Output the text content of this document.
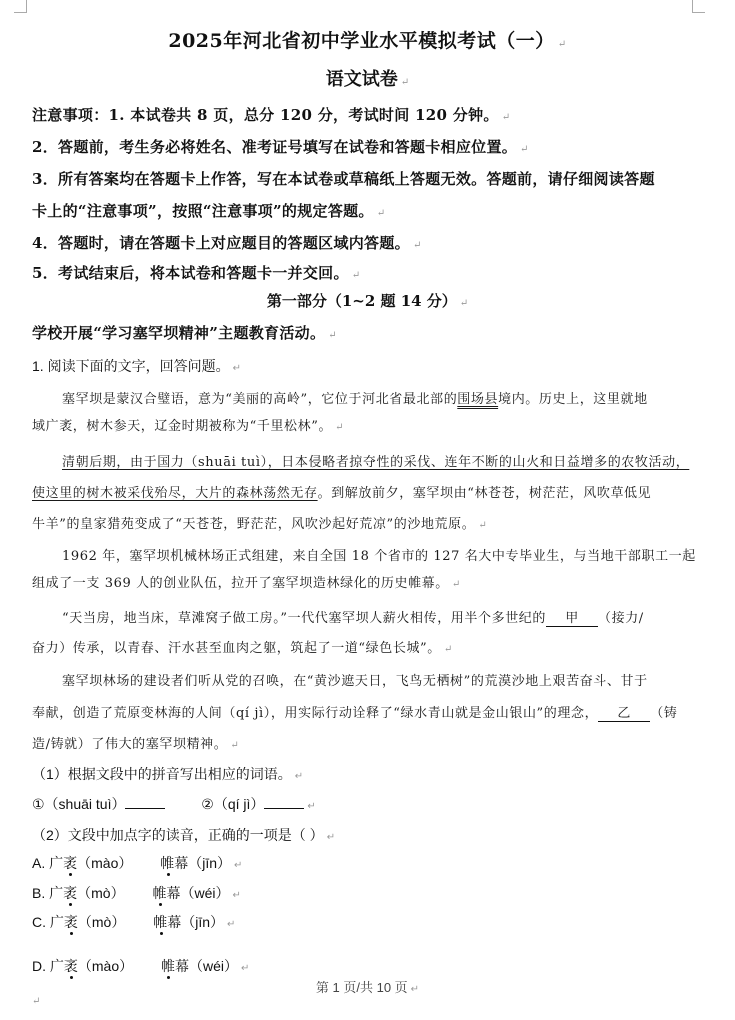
2025年河北省初中学业水平模拟考试（一） ↵
语文试卷 ↵
注意事项：1. 本试卷共 8 页，总分 120 分，考试时间 120 分钟。 ↵
2．答题前，考生务必将姓名、准考证号填写在试卷和答题卡相应位置。 ↵
3．所有答案均在答题卡上作答，写在本试卷或草稿纸上答题无效。答题前，请仔细阅读答题
卡上的“注意事项”，按照“注意事项”的规定答题。 ↵
4．答题时，请在答题卡上对应题目的答题区域内答题。 ↵
5．考试结束后，将本试卷和答题卡一并交回。 ↵
第一部分（1~2 题 14 分） ↵
学校开展“学习塞罕坝精神”主题教育活动。 ↵
1. 阅读下面的文字，回答问题。 ↵
塞罕坝是蒙汉合璧语，意为“美丽的高岭”，它位于河北省最北部的围场县境内。历史上，这里就地
域广袤，树木参天，辽金时期被称为“千里松林”。 ↵
清朝后期，由于国力（shuāi tuì），日本侵略者掠夺性的采伐、连年不断的山火和日益增多的农牧活动，
使这里的树木被采伐殆尽，大片的森林荡然无存。到解放前夕，塞罕坝由“林苍苍，树茫茫，风吹草低见
牛羊”的皇家猎苑变成了“天苍苍，野茫茫，风吹沙起好荒凉”的沙地荒原。 ↵
1962 年，塞罕坝机械林场正式组建，来自全国 18 个省市的 127 名大中专毕业生，与当地干部职工一起
组成了一支 369 人的创业队伍，拉开了塞罕坝造林绿化的历史帷幕。 ↵
“天当房，地当床，草滩窝子做工房。”一代代塞罕坝人薪火相传，用半个多世纪的 甲 （接力/
奋力）传承，以青春、汗水甚至血肉之躯，筑起了一道“绿色长城”。 ↵
塞罕坝林场的建设者们听从党的召唤，在“黄沙遮天日，飞鸟无栖树”的荒漠沙地上艰苦奋斗、甘于
奉献，创造了荒原变林海的人间（qí jì），用实际行动诠释了“绿水青山就是金山银山”的理念， 乙 （铸
造/铸就）了伟大的塞罕坝精神。 ↵
（1）根据文段中的拼音写出相应的词语。 ↵
①（shuāi tuì）	②（qí jì）	↵
（2）文段中加点字的读音，正确的一项是（ ） ↵
A. 广袤（mào） 帷幕（jīn） ↵
B. 广袤（mò） 帷幕（wéi） ↵
C. 广袤（mò） 帷幕（jīn） ↵
D. 广袤（mào） 帷幕（wéi） ↵
第 1 页/共 10 页 ↵
↵
